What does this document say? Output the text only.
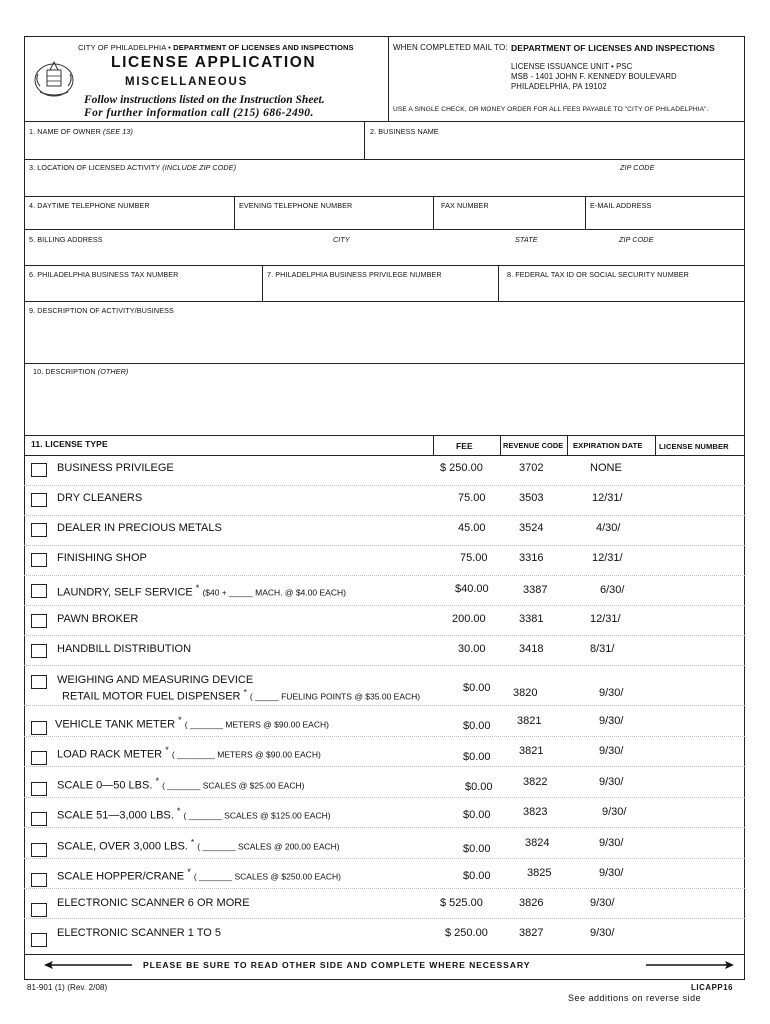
CITY OF PHILADELPHIA • DEPARTMENT OF LICENSES AND INSPECTIONS
LICENSE APPLICATION
MISCELLANEOUS
Follow instructions listed on the Instruction Sheet.
For further information call (215) 686-2490.
WHEN COMPLETED MAIL TO: DEPARTMENT OF LICENSES AND INSPECTIONS
LICENSE ISSUANCE UNIT • PSC
MSB - 1401 JOHN F. KENNEDY BOULEVARD
PHILADELPHIA, PA 19102
USE A SINGLE CHECK, OR MONEY ORDER FOR ALL FEES PAYABLE TO "CITY OF PHILADELPHIA".
1. NAME OF OWNER (SEE 13)	2. BUSINESS NAME
3. LOCATION OF LICENSED ACTIVITY (INCLUDE ZIP CODE)	ZIP CODE
4. DAYTIME TELEPHONE NUMBER	EVENING TELEPHONE NUMBER	FAX NUMBER	E-MAIL ADDRESS
5. BILLING ADDRESS	CITY	STATE	ZIP CODE
6. PHILADELPHIA BUSINESS TAX NUMBER	7. PHILADELPHIA BUSINESS PRIVILEGE NUMBER	8. FEDERAL TAX ID OR SOCIAL SECURITY NUMBER
9. DESCRIPTION OF ACTIVITY/BUSINESS
10. DESCRIPTION (OTHER)
11. LICENSE TYPE	FEE	REVENUE CODE EXPIRATION DATE LICENSE NUMBER
BUSINESS PRIVILEGE	$ 250.00	3702	NONE
DRY CLEANERS	75.00	3503	12/31/
DEALER IN PRECIOUS METALS	45.00	3524	4/30/
FINISHING SHOP	75.00	3316	12/31/
LAUNDRY, SELF SERVICE * ($40 + _____ MACH. @ $4.00 EACH)	$40.00	3387	6/30/
PAWN BROKER	200.00	3381	12/31/
HANDBILL DISTRIBUTION	30.00	3418	8/31/
WEIGHING AND MEASURING DEVICE
RETAIL MOTOR FUEL DISPENSER * ( _____ FUELING POINTS @ $35.00 EACH)
$0.00 3820	9/30/
VEHICLE TANK METER * ( _______ METERS @ $90.00 EACH)	$0.00 3821	9/30/
LOAD RACK METER * ( ________ METERS @ $90.00 EACH)	$0.00	3821	9/30/
SCALE 0—50 LBS. * ( _______ SCALES @ $25.00 EACH)	$0.00	3822	9/30/
SCALE 51—3,000 LBS. * ( _______ SCALES @ $125.00 EACH)	$0.00	3823	9/30/
SCALE, OVER 3,000 LBS. * ( _______ SCALES @ 200.00 EACH)	$0.00	3824	9/30/
SCALE HOPPER/CRANE * ( _______ SCALES @ $250.00 EACH)	$0.00	3825	9/30/
ELECTRONIC SCANNER 6 OR MORE	$ 525.00	3826	9/30/
ELECTRONIC SCANNER 1 TO 5	$ 250.00	3827	9/30/
PLEASE BE SURE TO READ OTHER SIDE AND COMPLETE WHERE NECESSARY
81-901 (1) (Rev. 2/08)	LICAPP16
See additions on reverse side
